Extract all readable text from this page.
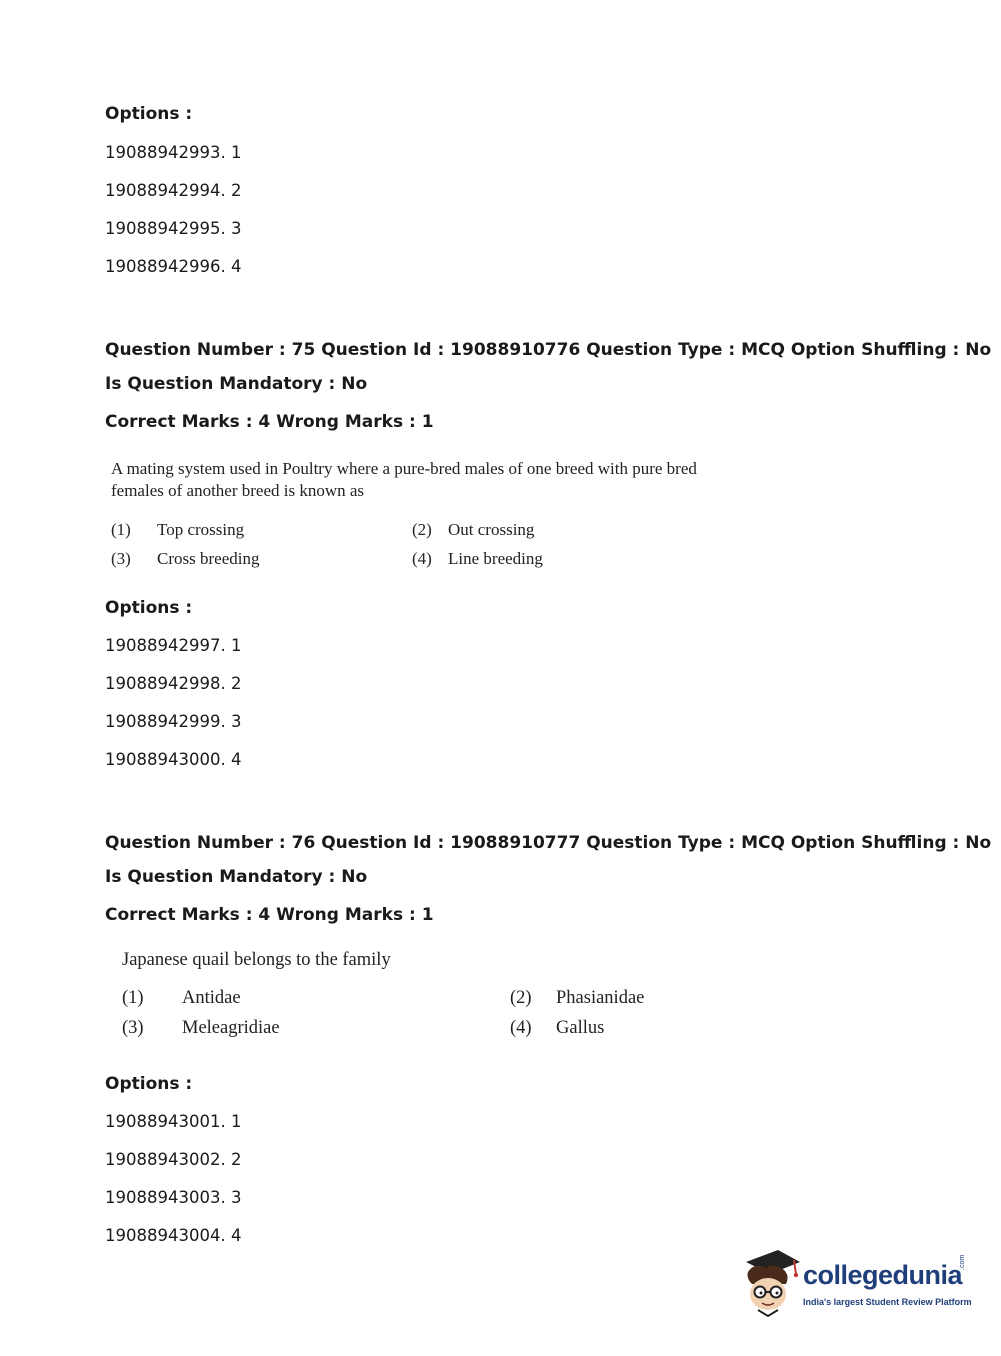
Options :
19088942993. 1
19088942994. 2
19088942995. 3
19088942996. 4
Question Number : 75 Question Id : 19088910776 Question Type : MCQ Option Shuffling : No
Is Question Mandatory : No
Correct Marks : 4 Wrong Marks : 1
A mating system used in Poultry where a pure-bred males of one breed with pure bred
females of another breed is known as
(1) Top crossing	(2) Out crossing
(3) Cross breeding	(4) Line breeding
Options :
19088942997. 1
19088942998. 2
19088942999. 3
19088943000. 4
Question Number : 76 Question Id : 19088910777 Question Type : MCQ Option Shuffling : No
Is Question Mandatory : No
Correct Marks : 4 Wrong Marks : 1
Japanese quail belongs to the family
(1) Antidae	(2) Phasianidae
(3) Meleagridiae	(4) Gallus
Options :
19088943001. 1
19088943002. 2
19088943003. 3
19088943004. 4
collegedunia
.com
India's largest Student Review Platform
